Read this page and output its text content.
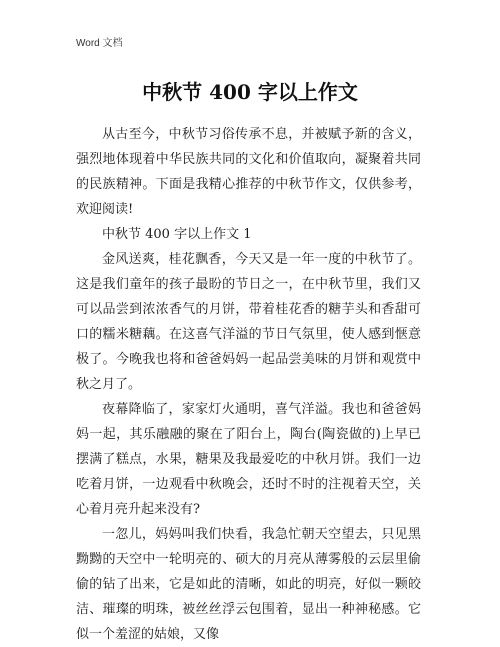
Word 文档
中秋节 400 字以上作文

从古至今，中秋节习俗传承不息，并被赋予新的含义，强烈地体现着中华民族共同的文化和价值取向，凝聚着共同的民族精神。下面是我精心推荐的中秋节作文，仅供参考，欢迎阅读!

中秋节 400 字以上作文 1

金风送爽，桂花飘香，今天又是一年一度的中秋节了。这是我们童年的孩子最盼的节日之一，在中秋节里，我们又可以品尝到浓浓香气的月饼，带着桂花香的糖芋头和香甜可口的糯米糖藕。在这喜气洋溢的节日气氛里，使人感到惬意极了。今晚我也将和爸爸妈妈一起品尝美味的月饼和观赏中秋之月了。

夜幕降临了，家家灯火通明，喜气洋溢。我也和爸爸妈妈一起，其乐融融的聚在了阳台上，陶台(陶瓷做的)上早已摆满了糕点，水果，糖果及我最爱吃的中秋月饼。我们一边吃着月饼，一边观看中秋晚会，还时不时的注视着天空，关心着月亮升起来没有?

一忽儿，妈妈叫我们快看，我急忙朝天空望去，只见黑黝黝的天空中一轮明亮的、硕大的月亮从薄雾般的云层里偷偷的钻了出来，它是如此的清晰，如此的明亮，好似一颗皎洁、璀璨的明珠，被丝丝浮云包围着，显出一种神秘感。它似一个羞涩的姑娘，又像
